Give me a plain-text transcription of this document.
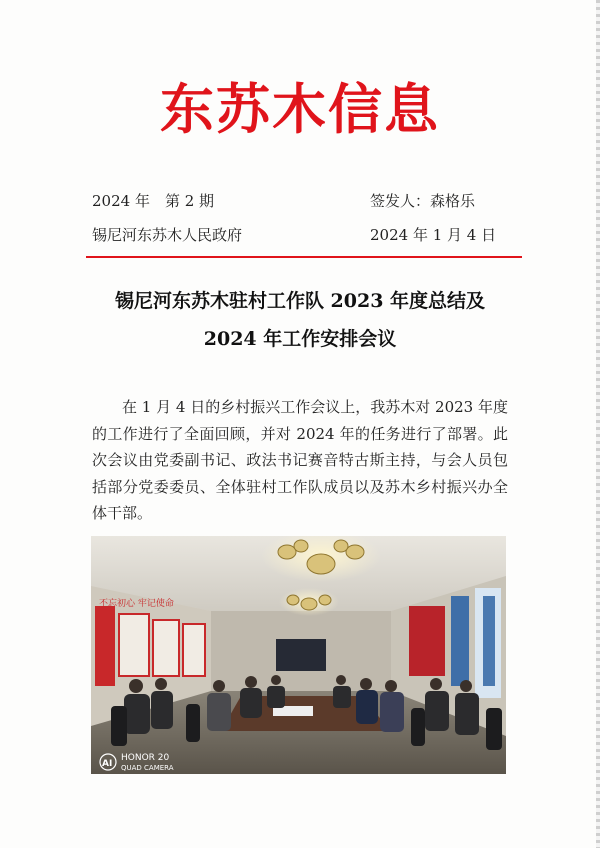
东苏木信息
2024 年　第 2 期	签发人：森格乐
锡尼河东苏木人民政府	2024 年 1 月 4 日
锡尼河东苏木驻村工作队 2023 年度总结及
2024 年工作安排会议
在 1 月 4 日的乡村振兴工作会议上，我苏木对 2023 年度的工作进行了全面回顾，并对 2024 年的任务进行了部署。此次会议由党委副书记、政法书记赛音特古斯主持，与会人员包括部分党委委员、全体驻村工作队成员以及苏木乡村振兴办全体干部。
不忘初心 牢记使命
AI
HONOR 20
QUAD CAMERA
